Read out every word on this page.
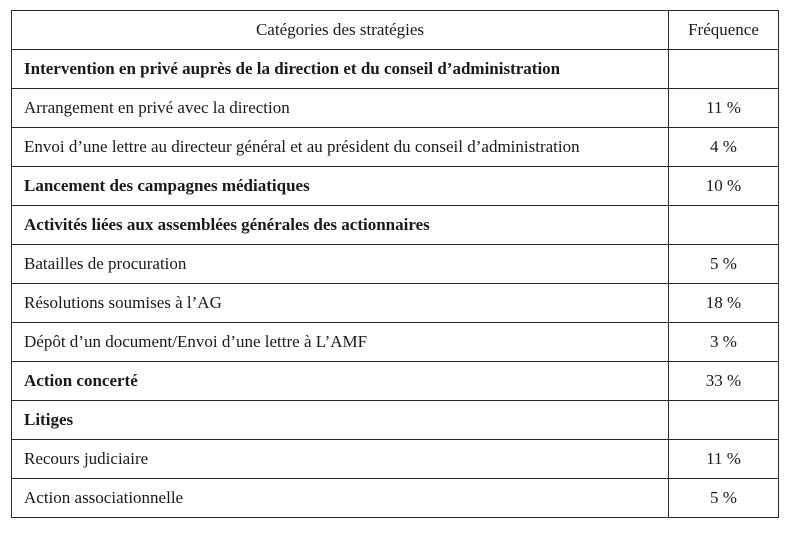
Catégories des stratégies	Fréquence
Intervention en privé auprès de la direction et du conseil d’administration	
Arrangement en privé avec la direction	11 %
Envoi d’une lettre au directeur général et au président du conseil d’administration	4 %
Lancement des campagnes médiatiques	10 %
Activités liées aux assemblées générales des actionnaires	
Batailles de procuration	5 %
Résolutions soumises à l’AG	18 %
Dépôt d’un document/Envoi d’une lettre à L’AMF	3 %
Action concerté	33 %
Litiges	
Recours judiciaire	11 %
Action associationnelle	5 %
